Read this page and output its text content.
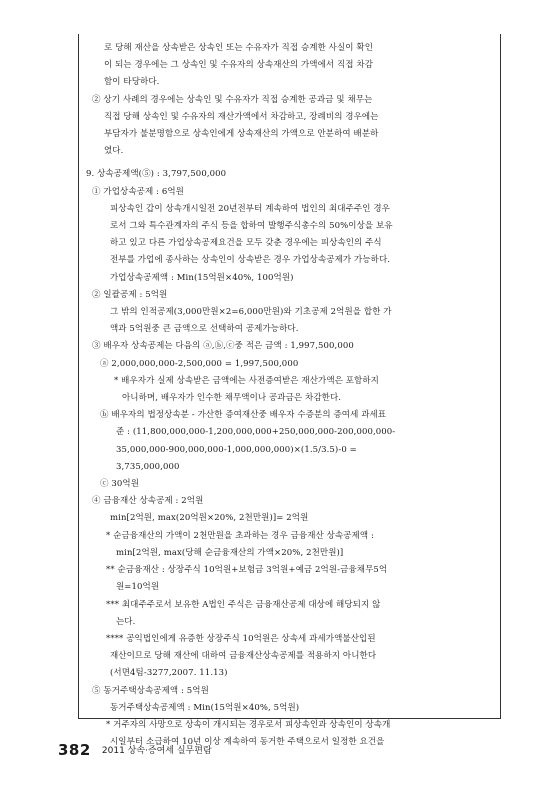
로 당해 재산을 상속받은 상속인 또는 수유자가 직접 승계한 사실이 확인
이 되는 경우에는 그 상속인 및 수유자의 상속재산의 가액에서 직접 차감
함이 타당하다.
② 상기 사례의 경우에는 상속인 및 수유자가 직접 승계한 공과금 및 채무는
직접 당해 상속인 및 수유자의 재산가액에서 차감하고, 장례비의 경우에는
부담자가 불분명함으로 상속인에게 상속재산의 가액으로 안분하여 배분하
였다.
9. 상속공제액(⑤) : 3,797,500,000
① 가업상속공제 : 6억원
피상속인 갑이 상속개시일전 20년전부터 계속하여 법인의 최대주주인 경우
로서 그와 특수관계자의 주식 등을 합하여 발행주식총수의 50%이상을 보유
하고 있고 다른 가업상속공제요건을 모두 갖춘 경우에는 피상속인의 주식
전부를 가업에 종사하는 상속인이 상속받은 경우 가업상속공제가 가능하다.
가업상속공제액 : Min(15억원×40%, 100억원)
② 일괄공제 : 5억원
그 밖의 인적공제(3,000만원×2=6,000만원)와 기초공제 2억원을 합한 가
액과 5억원중 큰 금액으로 선택하여 공제가능하다.
③ 배우자 상속공제는 다음의 ⓐ,ⓑ,ⓒ중 적은 금액 : 1,997,500,000
ⓐ 2,000,000,000-2,500,000 = 1,997,500,000
* 배우자가 실제 상속받은 금액에는 사전증여받은 재산가액은 포함하지
아니하며, 배우자가 인수한 채무액이나 공과금은 차감한다.
ⓑ 배우자의 법정상속분 - 가산한 증여재산중 배우자 수증분의 증여세 과세표
준 : (11,800,000,000-1,200,000,000+250,000,000-200,000,000-
35,000,000-900,000,000-1,000,000,000)×(1.5/3.5)-0 =
3,735,000,000
ⓒ 30억원
④ 금융재산 상속공제 : 2억원
min[2억원, max(20억원×20%, 2천만원)]= 2억원
* 순금융재산의 가액이 2천만원을 초과하는 경우 금융재산 상속공제액 :
min[2억원, max(당해 순금융재산의 가액×20%, 2천만원)]
** 순금융재산 : 상장주식 10억원+보험금 3억원+예금 2억원-금융채무5억
원=10억원
*** 최대주주로서 보유한 A법인 주식은 금융재산공제 대상에 해당되지 않
는다.
**** 공익법인에게 유증한 상장주식 10억원은 상속세 과세가액불산입된
재산이므로 당해 재산에 대하여 금융재산상속공제를 적용하지 아니한다
(서면4팀-3277,2007. 11.13)
⑤ 동거주택상속공제액 : 5억원
동거주택상속공제액 : Min(15억원×40%, 5억원)
* 거주자의 사망으로 상속이 개시되는 경우로서 피상속인과 상속인이 상속개
시일부터 소급하여 10년 이상 계속하여 동거한 주택으로서 일정한 요건을
382 2011 상속·증여세 실무편람
